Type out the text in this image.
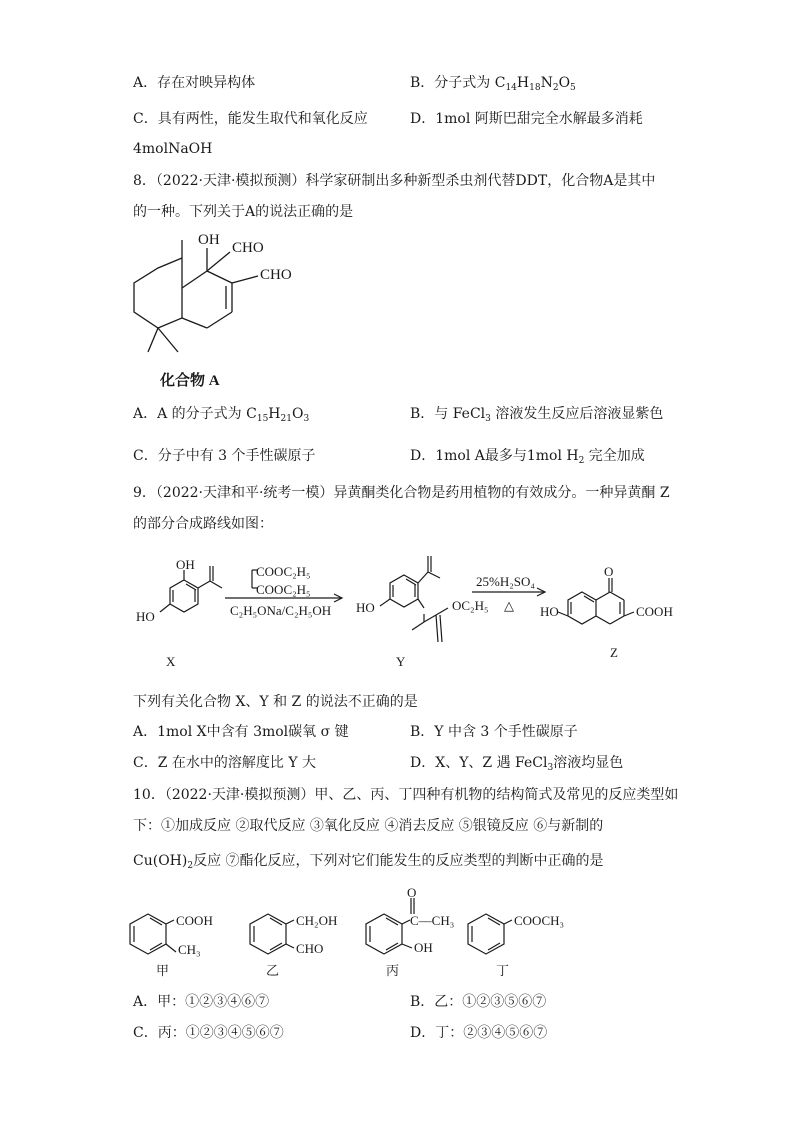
A．存在对映异构体	B．分子式为 $C_{14}H_{18}N_2O_5$
C．具有两性，能发生取代和氧化反应	D．1mol 阿斯巴甜完全水解最多消耗
4molNaOH
8．（2022·天津·模拟预测）科学家研制出多种新型杀虫剂代替DDT，化合物A是其中
的一种。下列关于A的说法正确的是
OH CHO
CHO
化合物 A
A．A 的分子式为 $C_{15}H_{21}O_3$	B．与 FeCl$_3$ 溶液发生反应后溶液显紫色
C．分子中有 3 个手性碳原子	D．1mol A最多与1mol $H_2$ 完全加成
9．（2022·天津和平·统考一模）异黄酮类化合物是药用植物的有效成分。一种异黄酮 Z
的部分合成路线如图：
OH
HO
X
COOC₂H₅
COOC₂H₅
C₂H₅ONa/C₂H₅OH HO	OC₂H₅
Y
25%H₂SO₄
△
O
HO	COOH
Z
下列有关化合物 X、Y 和 Z 的说法不正确的是
A．1mol X中含有 3mol碳氧 σ 键	B．Y 中含 3 个手性碳原子
C．Z 在水中的溶解度比 Y 大	D．X、Y、Z 遇 FeCl$_3$溶液均显色
10．（2022·天津·模拟预测）甲、乙、丙、丁四种有机物的结构简式及常见的反应类型如
下：①加成反应 ②取代反应 ③氧化反应 ④消去反应 ⑤银镜反应 ⑥与新制的
$Cu(OH)_2$反应 ⑦酯化反应，下列对它们能发生的反应类型的判断中正确的是
COOH
CH₃
甲
CH₂OH
CHO
乙
O
C—CH₃
OH
丙
COOCH₃
丁
A．甲：①②③④⑥⑦	B．乙：①②③⑤⑥⑦
C．丙：①②③④⑤⑥⑦	D．丁：②③④⑤⑥⑦
